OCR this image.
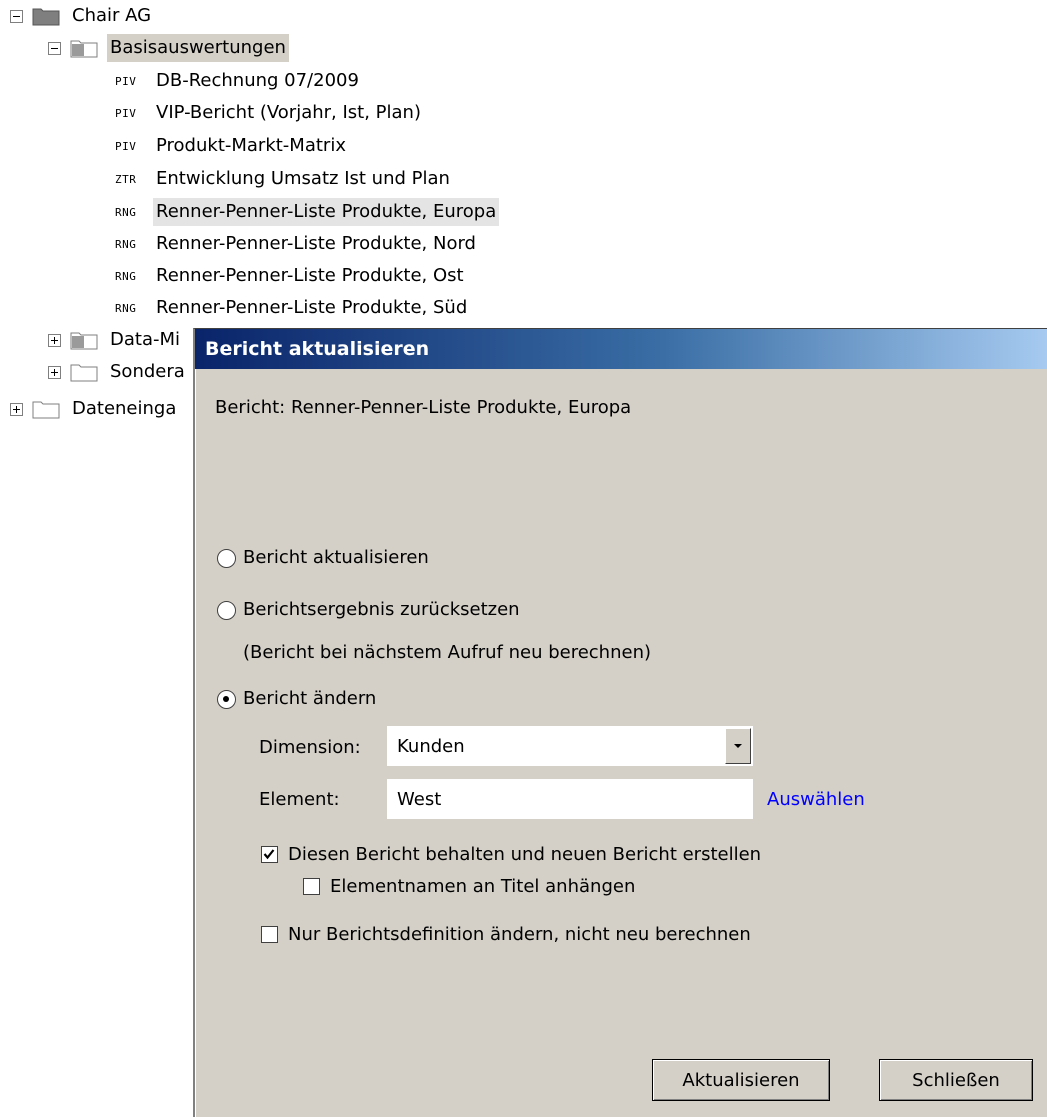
Chair AG
Basisauswertungen
PIV	DB-Rechnung 07/2009
PIV	VIP-Bericht (Vorjahr, Ist, Plan)
PIV	Produkt-Markt-Matrix
ZTR	Entwicklung Umsatz Ist und Plan
RNG	Renner-Penner-Liste Produkte, Europa
RNG	Renner-Penner-Liste Produkte, Nord
RNG	Renner-Penner-Liste Produkte, Ost
RNG	Renner-Penner-Liste Produkte, Süd
Data-Mi
Sondera
Dateneinga
Bericht aktualisieren
Bericht: Renner-Penner-Liste Produkte, Europa
Bericht aktualisieren
Berichtsergebnis zurücksetzen
(Bericht bei nächstem Aufruf neu berechnen)
Bericht ändern
Dimension: Kunden
Element:	West	Auswählen
Diesen Bericht behalten und neuen Bericht erstellen
Elementnamen an Titel anhängen
Nur Berichtsdefinition ändern, nicht neu berechnen
Aktualisieren	Schließen
